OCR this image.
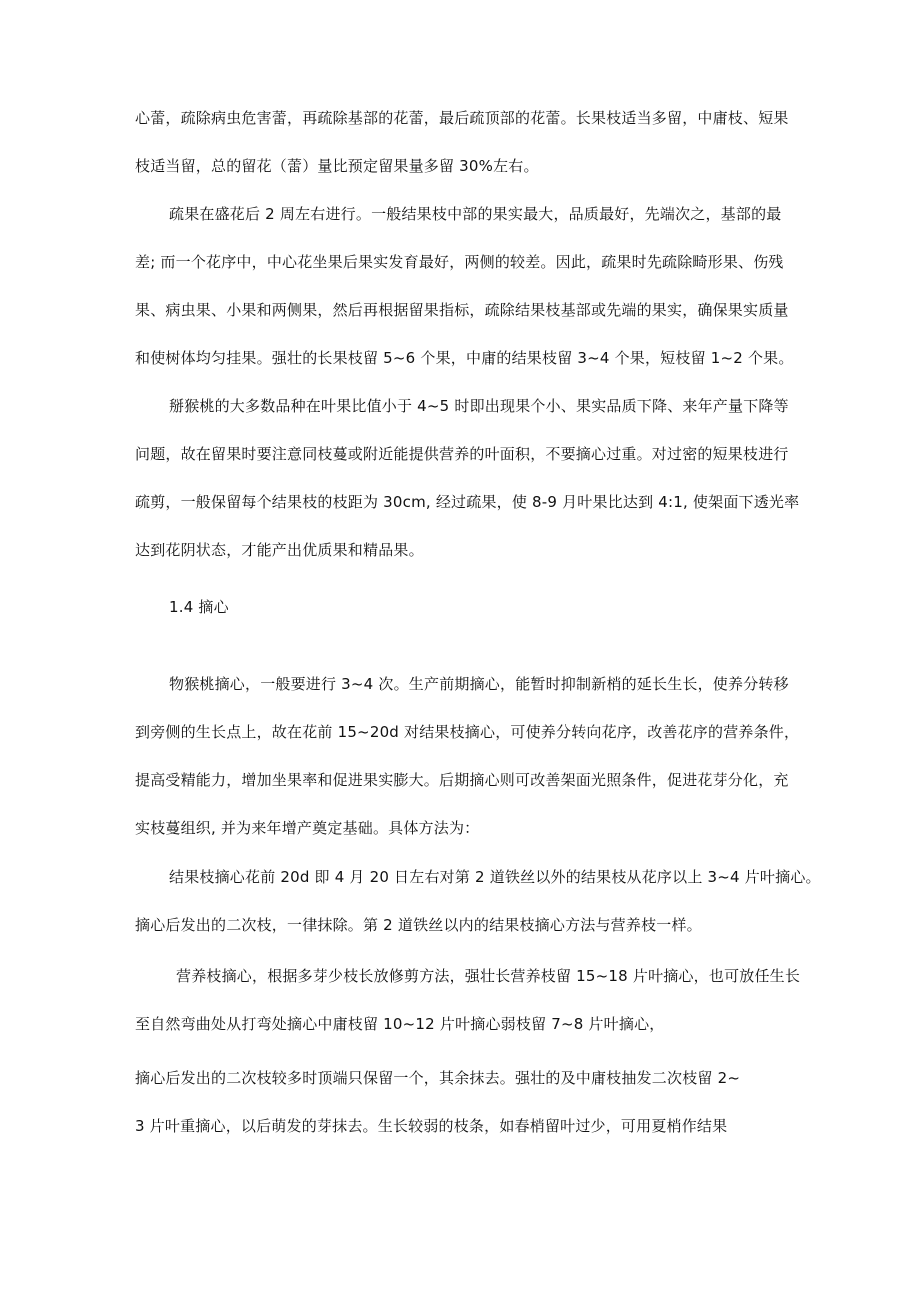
心蕾，疏除病虫危害蕾，再疏除基部的花蕾，最后疏顶部的花蕾。长果枝适当多留，中庸枝、短果

枝适当留，总的留花（蕾）量比预定留果量多留 30%左右。

疏果在盛花后 2 周左右进行。一般结果枝中部的果实最大，品质最好，先端次之，基部的最

差; 而一个花序中，中心花坐果后果实发育最好，两侧的较差。因此，疏果时先疏除畸形果、伤残

果、病虫果、小果和两侧果，然后再根据留果指标，疏除结果枝基部或先端的果实，确保果实质量

和使树体均匀挂果。强壮的长果枝留 5~6 个果，中庸的结果枝留 3~4 个果，短枝留 1~2 个果。

掰猴桃的大多数品种在叶果比值小于 4~5 时即出现果个小、果实品质下降、来年产量下降等

问题，故在留果时要注意同枝蔓或附近能提供营养的叶面积，不要摘心过重。对过密的短果枝进行

疏剪，一般保留每个结果枝的枝距为 30cm, 经过疏果，使 8-9 月叶果比达到 4:1, 使架面下透光率

达到花阴状态，才能产出优质果和精品果。

1.4 摘心

物猴桃摘心，一般要进行 3~4 次。生产前期摘心，能暂时抑制新梢的延长生长，使养分转移

到旁侧的生长点上，故在花前 15~20d 对结果枝摘心，可使养分转向花序，改善花序的营养条件，

提高受精能力，增加坐果率和促进果实膨大。后期摘心则可改善架面光照条件，促进花芽分化，充

实枝蔓组织, 并为来年增产奠定基础。具体方法为：

结果枝摘心花前 20d 即 4 月 20 日左右对第 2 道铁丝以外的结果枝从花序以上 3~4 片叶摘心。

摘心后发出的二次枝，一律抹除。第 2 道铁丝以内的结果枝摘心方法与营养枝一样。

营养枝摘心，根据多芽少枝长放修剪方法，强壮长营养枝留 15~18 片叶摘心，也可放任生长

至自然弯曲处从打弯处摘心中庸枝留 10~12 片叶摘心弱枝留 7~8 片叶摘心，

摘心后发出的二次枝较多时顶端只保留一个，其余抹去。强壮的及中庸枝抽发二次枝留 2~

3 片叶重摘心，以后萌发的芽抹去。生长较弱的枝条，如春梢留叶过少，可用夏梢作结果
